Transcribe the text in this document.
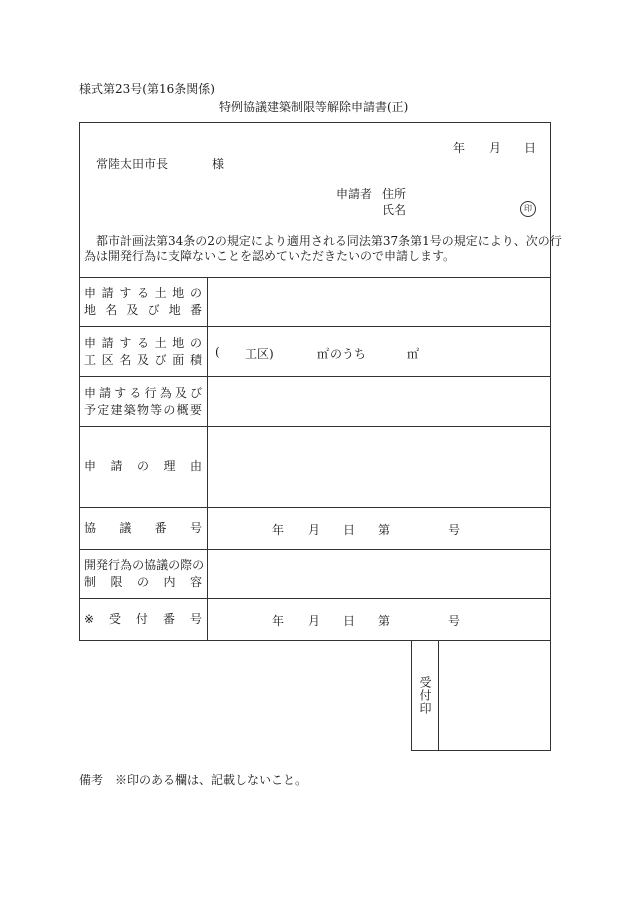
様式第23号(第16条関係)
特例協議建築制限等解除申請書(正)
年 月 日
常陸太田市長	様
申請者 住所
氏名	印
都市計画法第34条の2の規定により適用される同法第37条第1号の規定により、次の行
為は開発行為に支障ないことを認めていただきたいので申請します。
申 請 す る 土 地 の
地 名 及 び 地 番
申 請 す る 土 地 の
工 区 名 及 び 面 積
( 工区)	㎡ のうち	㎡
申 請 す る 行 為 及 び
予 定 建 築 物 等 の 概 要
申 請 の 理 由
協 議 番 号	年 月 日 第	号
開 発 行 為 の 協 議 の 際 の
制 限 の 内 容
※ 受 付 番 号	年 月 日 第	号
受付印
備考　※印のある欄は、記載しないこと。
